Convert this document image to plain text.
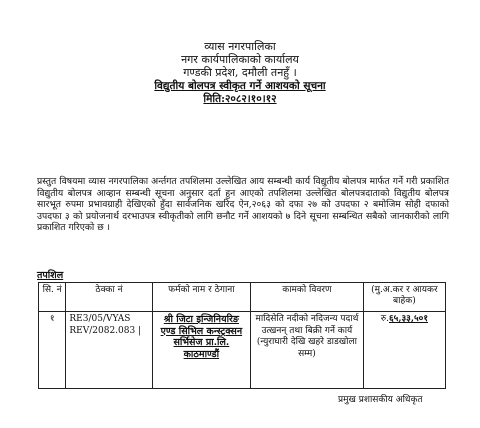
व्यास नगरपालिका
नगर कार्यपालिकाको कार्यालय
गण्डकी प्रदेश, दमौली तनहुँ ।
विद्युतीय बोलपत्र स्वीकृत गर्ने आशयको सूचना
मिति:२०८२।१०।१२
प्रस्तुत विषयमा व्यास नगरपालिका अर्न्तगत तपशिलमा उल्लेखित आय सम्बन्धी कार्य विद्युतीय बोलपत्र मार्फत गर्ने गरी प्रकाशित विद्युतीय बोलपत्र आव्हान सम्बन्धी सूचना अनुसार दर्ता हुन आएको तपशिलमा उल्लेखित बोलपत्रदाताको विद्युतीय बोलपत्र सारभूत रुपमा प्रभावग्राही देखिएको हुँदा सार्वजनिक खरिद ऐन,२०६३ को दफा २७ को उपदफा २ बमोजिम सोही दफाको उपदफा ३ को प्रयोजनार्थ दरभाउपत्र स्वीकृतीको लागि छनौट गर्ने आशयको ७ दिने सूचना सम्बन्धित सबैको जानकारीको लागि प्रकाशित गरिएको छ ।
तपशिल
सि. नं	ठेक्का नं	फर्मको नाम र ठेगाना	कामको विवरण	(मु.अ.कर र आयकर बाहेक)
१	RE3/05/VYAS REV/2082.083 |	श्री जिटा इन्जिनियरिङ एण्ड सिभिल कन्स्ट्रक्सन सर्भिसेज प्रा.लि. काठमाण्डौं	मादिसेति नदीको नदिजन्य पदार्थ उत्खनन् तथा बिक्री गर्ने कार्य (न्युराघारी देखि खहरे डाडखोला सम्म)	रु.६५,३३,५०१
प्रमुख प्रशासकीय अधिकृत
